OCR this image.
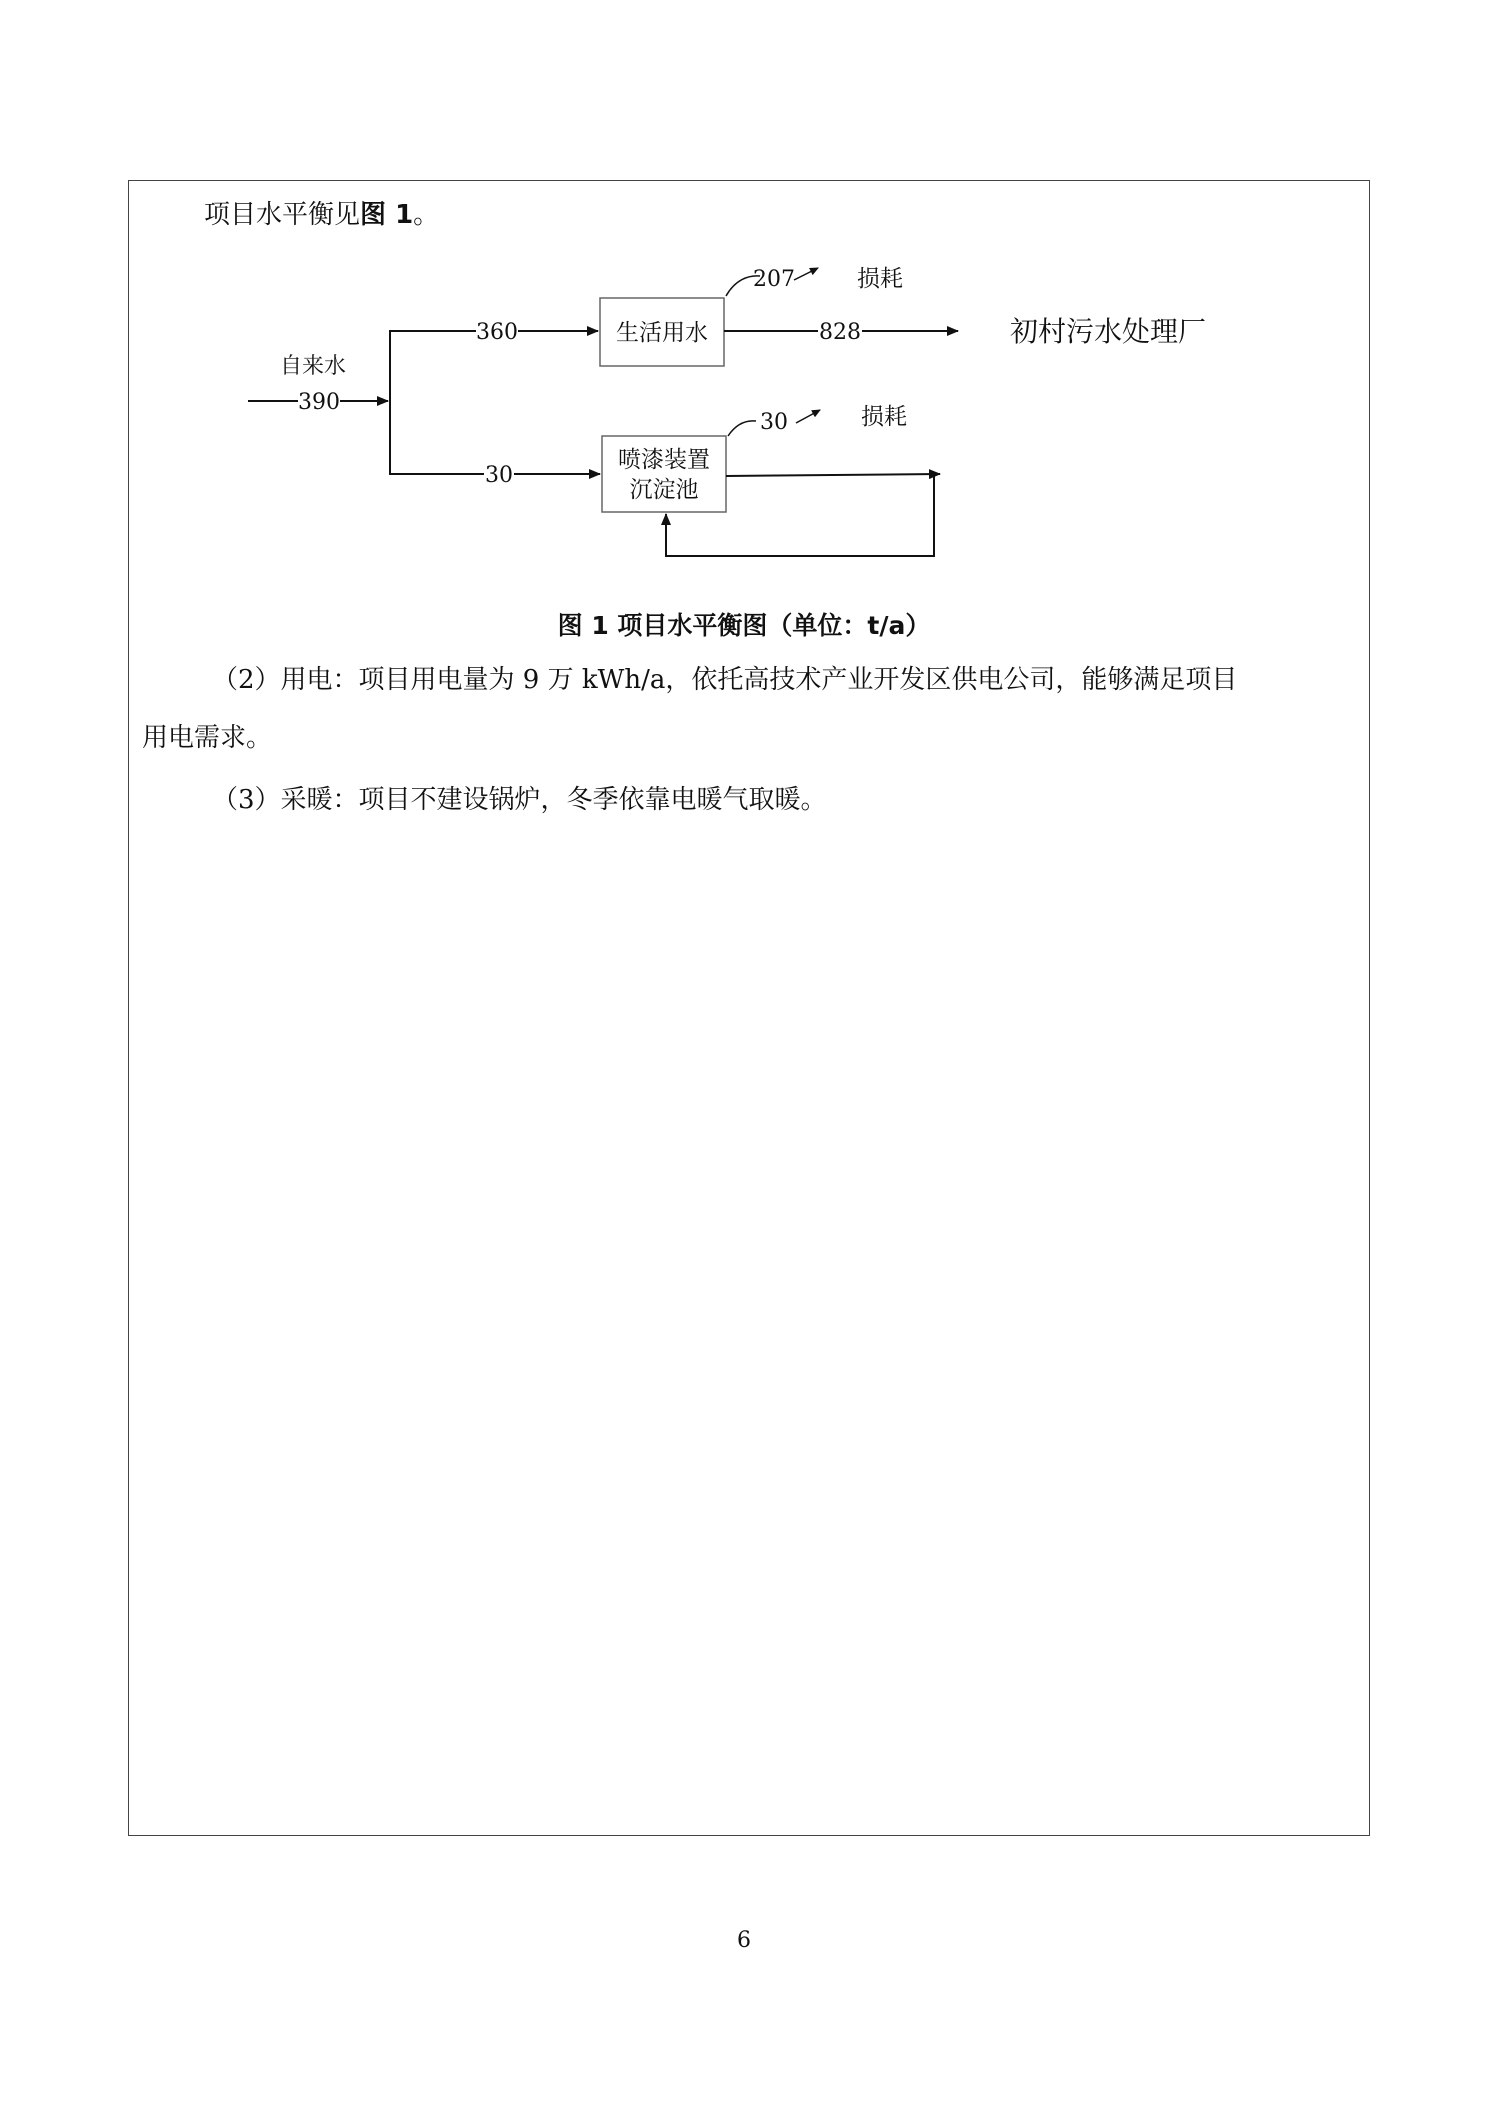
项目水平衡见图 1。
自来水
390
360	生活用水
207	损耗
828	初村污水处理厂
30
喷漆装置
沉淀池
30	损耗
图 1 项目水平衡图（单位：t/a）
（2）用电：项目用电量为 9 万 kWh/a，依托高技术产业开发区供电公司，能够满足项目
用电需求。
（3）采暖：项目不建设锅炉，冬季依靠电暖气取暖。
6
